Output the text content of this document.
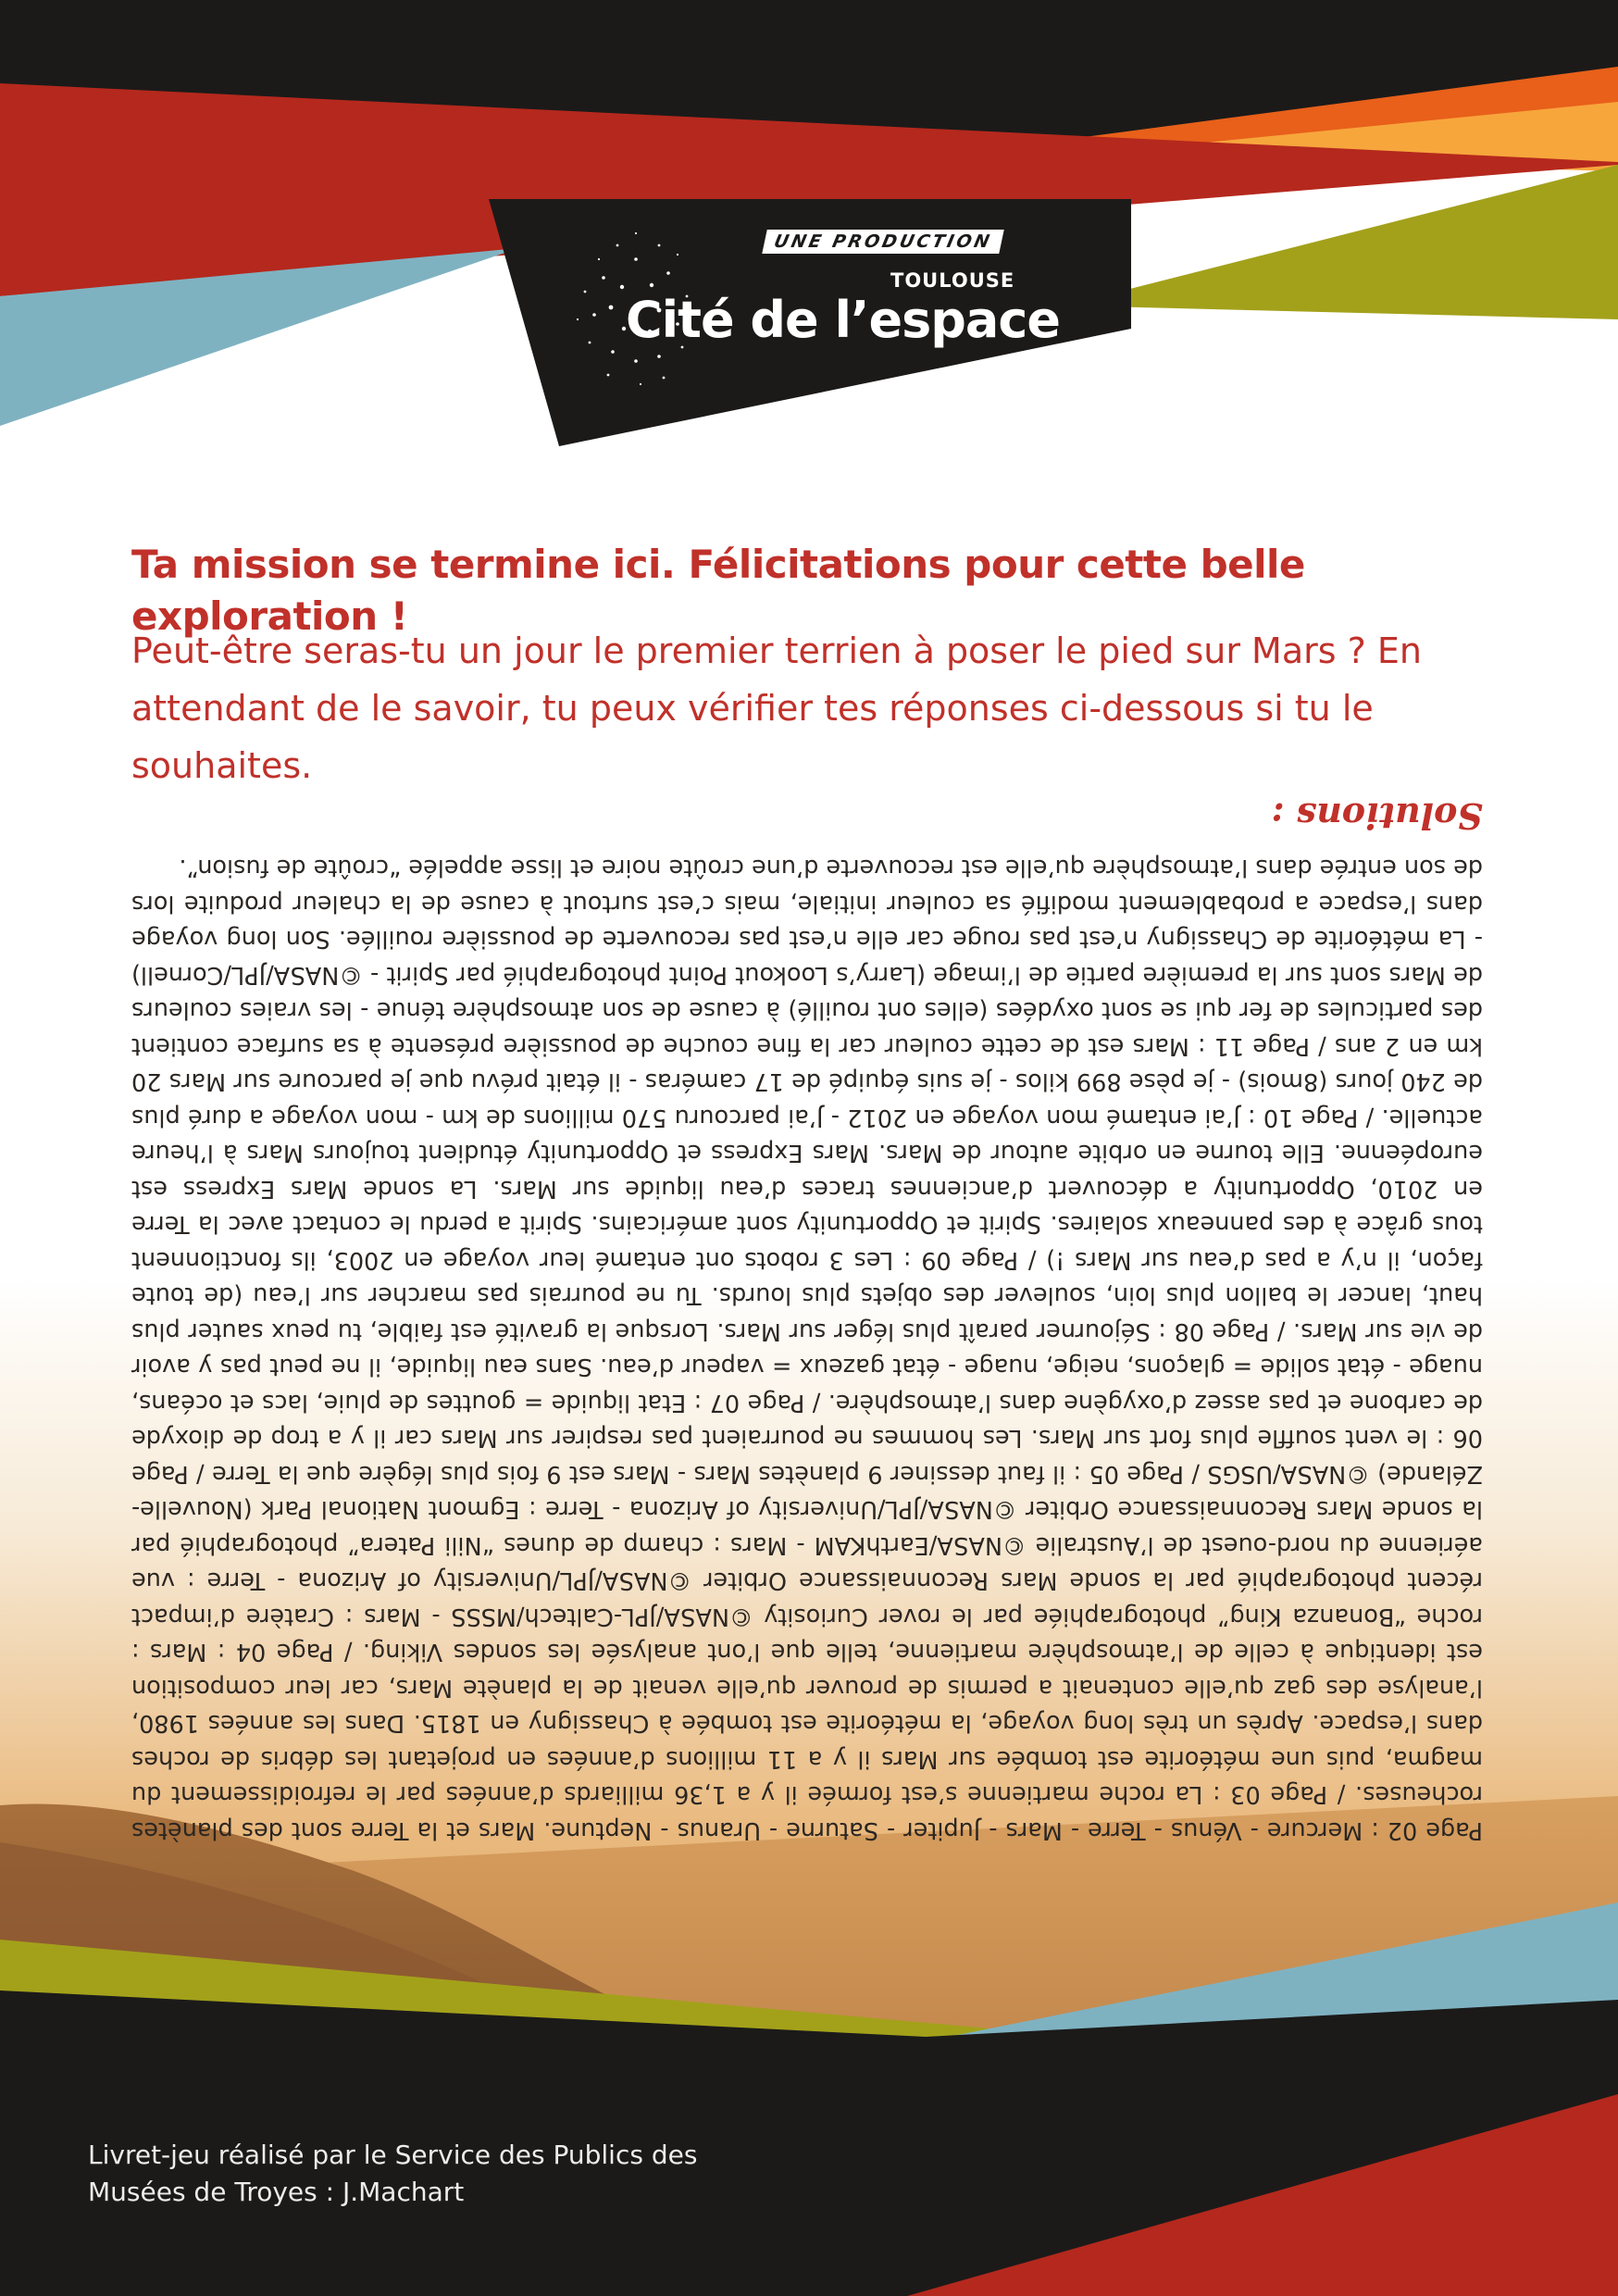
UNE PRODUCTION
TOULOUSE
Cité de l’espace
Ta mission se termine ici. Félicitations pour cette belle exploration !

Peut-être seras-tu un jour le premier terrien à poser le pied sur Mars ? En attendant de le savoir, tu peux vérifier tes réponses ci-dessous si tu le souhaites.

Page 02 : Mercure - Vénus - Terre - Mars - Jupiter - Saturne - Uranus - Neptune. Mars et la Terre sont des planètes rocheuses. / Page 03 : La roche martienne s’est formée il y a 1,36 milliards d’années par le refroidissement du magma, puis une météorite est tombée sur Mars il y a 11 millions d’années en projetant les débris de roches dans l’espace. Après un très long voyage, la météorite est tombée à Chassigny en 1815. Dans les années 1980, l’analyse des gaz qu’elle contenait a permis de prouver qu’elle venait de la planète Mars, car leur composition est identique à celle de l’atmosphère martienne, telle que l’ont analysée les sondes Viking. / Page 04 : Mars : roche “Bonanza King” photographiée par le rover Curiosity ©NASA/JPL-Caltech/MSSS - Mars : Cratère d’impact récent photographié par la sonde Mars Reconnaissance Orbiter ©NASA/JPL/University of Arizona - Terre : vue aérienne du nord-ouest de l’Australie ©NASA/EarthKAM - Mars : champ de dunes “Nili Patera” photographié par la sonde Mars Reconnaissance Orbiter ©NASA/JPL/University of Arizona - Terre : Egmont National Park (Nouvelle-Zélande) ©NASA/USGS / Page 05 : il faut dessiner 9 planètes Mars - Mars est 9 fois plus légère que la Terre / Page 06 : le vent souffle plus fort sur Mars. Les hommes ne pourraient pas respirer sur Mars car il y a trop de dioxyde de carbone et pas assez d’oxygène dans l’atmosphère. / Page 07 : Etat liquide = gouttes de pluie, lacs et océans, nuage - état solide = glaçons, neige, nuage - état gazeux = vapeur d’eau. Sans eau liquide, il ne peut pas y avoir de vie sur Mars. / Page 08 : Séjourner paraît plus léger sur Mars. Lorsque la gravité est faible, tu peux sauter plus haut, lancer le ballon plus loin, soulever des objets plus lourds. Tu ne pourrais pas marcher sur l’eau (de toute façon, il n’y a pas d’eau sur Mars !) / Page 09 : Les 3 robots ont entamé leur voyage en 2003, ils fonctionnent tous grâce à des panneaux solaires. Spirit et Opportunity sont américains. Spirit a perdu le contact avec la Terre en 2010, Opportunity a découvert d’anciennes traces d’eau liquide sur Mars. La sonde Mars Express est européenne. Elle tourne en orbite autour de Mars. Mars Express et Opportunity étudient toujours Mars à l’heure actuelle. / Page 10 : J’ai entamé mon voyage en 2012 - J’ai parcouru 570 millions de km - mon voyage a duré plus de 240 jours (8mois) - je pèse 899 kilos - je suis équipé de 17 caméras - il était prévu que je parcoure sur Mars 20 km en 2 ans / Page 11 : Mars est de cette couleur car la fine couche de poussière présente à sa surface contient des particules de fer qui se sont oxydées (elles ont rouillé) à cause de son atmosphère ténue - les vraies couleurs de Mars sont sur la première partie de l’image (Larry’s Lookout Point photographié par Spirit - ©NASA/JPL/Cornell) - La météorite de Chassigny n’est pas rouge car elle n’est pas recouverte de poussière rouillée. Son long voyage dans l’espace a probablement modifié sa couleur initiale, mais c’est surtout à cause de la chaleur produite lors de son entrée dans l’atmosphère qu’elle est recouverte d’une croûte noire et lisse appelée “croûte de fusion”.

Solutions :

Livret-jeu réalisé par le Service des Publics des Musées de Troyes : J.Machart
